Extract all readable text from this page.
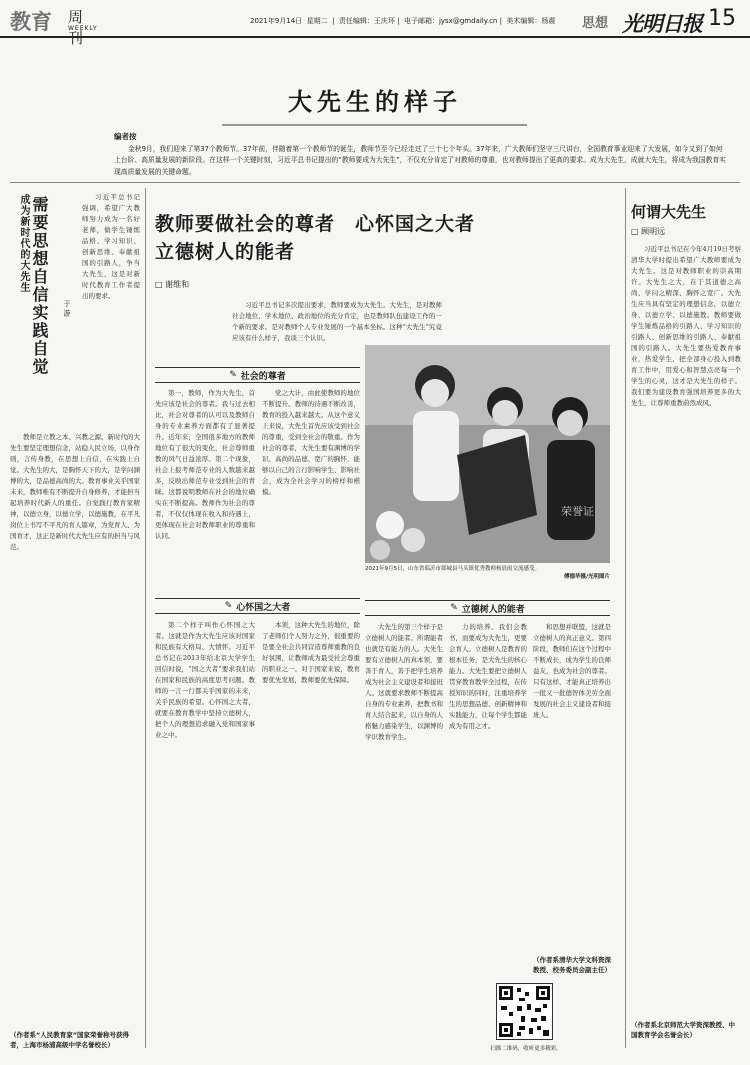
教育 周刊
WEEKLY
2021年9月14日 星期二  |  责任编辑：王庆环 |  电子邮箱：jysx@gmdaily.cn |  美术编辑：杨震 思想 光明日报 15
大先生的样子
编者按
金秋9月，我们迎来了第37个教师节。37年前，伴随着第一个教师节的诞生，教师节至今已经走过了三十七个年头。37年来，广大教师们坚守三尺讲台，全国教育事业迎来了大发展，如今又到了如何上台阶、高质量发展的新阶段。在这样一个关键时刻，习近平总书记提出的“教师要成为大先生”，不仅充分肯定了对教师的尊重，也对教师提出了更高的要求。成为大先生，成就大先生，将成为我国教育实现高质量发展的关键命题。
成为新时代的大先生 需要思想自信实践自觉 于 游
习近平总书记强调，希望广大教师努力成为一名好老师，做学生锤炼品格、学习知识、创新思维、奉献祖国的引路人，争当大先生，这是对新时代教育工作者提出的要求。
教师是立教之本、兴教之源。新时代的大先生要坚定理想信念，站稳人民立场，以身作则，言传身教，在思想上自信，在实践上自觉。大先生的大，是胸怀天下的大，是学问渊博的大，是品德高尚的大。教育事业关乎国家未来，教师唯有不断提升自身修养，才能担当起培养时代新人的重任。自觉践行教育家精神，以德立身，以德立学，以德施教，在平凡岗位上书写不平凡的育人篇章，为党育人、为国育才，这正是新时代大先生应有的担当与风范。
（作者系“人民教育家”国家荣誉称号获得者，上海市杨浦高级中学名誉校长）
教师要做社会的尊者　心怀国之大者
立德树人的能者
□ 谢维和
习近平总书记多次提出要求，教师要成为大先生。大先生，是对教师社会地位、学术地位、政治地位的充分肯定，也是教师队伍建设工作的一个新的要求。是对教师个人专业发展的一个基本坐标。这种“大先生”究竟应该有什么样子，我谈三个认识。
✎ 社会的尊者
第一，教师，作为大先生，首先应该是社会的尊者。我与过去相比，社会对尊者的认可以及教师自身的专业素养方面都有了显著提升。近年来，全国很多地方的教师地位有了很大的变化，社会尊师重教的风气日益浓厚。第二个现象，社会上报考师范专业的人数越来越多，反映出师范专业受到社会的青睐。这都说明教师在社会的地位确实在不断提高。教师作为社会的尊者，不仅仅体现在收入和待遇上，更体现在社会对教师职业的尊重和认同。
党之大计，由此使教师的地位不断提升。教师的待遇不断改善，教育的投入越来越大。从这个意义上来说，大先生首先应该受到社会的尊重，受到全社会的敬重。作为社会的尊者，大先生要有渊博的学识、高尚的品德、宽广的胸怀，能够以自己的言行影响学生、影响社会，成为全社会学习的榜样和楷模。
✎ 心怀国之大者
第二个样子叫作心怀国之大者。这就是作为大先生应该对国家和民族有大格局、大情怀。习近平总书记在2013年给北京大学学生回信时说，“国之大者”要求我们站在国家和民族的高度思考问题。教师的一言一行都关乎国家的未来，关乎民族的希望。心怀国之大者，就要在教育教学中坚持立德树人，把个人的理想追求融入党和国家事业之中。
本领，这种大先生的地位，除了老师们个人努力之外，很重要的是要全社会共同营造尊师重教的良好氛围，让教师成为最受社会尊重的职业之一。对于国家来说，教育要优先发展，教师要优先保障。
荣誉证
2021年9月5日，山东省临沂市郯城县马头镇优秀教师杨晨雨交流感受。
傅德华摄/光明图片
✎ 立德树人的能者
大先生的第三个样子是立德树人的能者。所谓能者也就是有能力的人。大先生要有立德树人的真本领，要善于育人，善于把学生培养成为社会主义建设者和接班人。这就要求教师不断提高自身的专业素养，把教书和育人结合起来，以自身的人格魅力感染学生，以渊博的学识教育学生。
力的培养。我们会教书，而要成为大先生，更要会育人。立德树人是教育的根本任务，是大先生的核心能力。大先生要把立德树人贯穿教育教学全过程，在传授知识的同时，注重培养学生的思想品德、创新精神和实践能力，让每个学生都能成为有用之才。
和思想并联盟，这就是立德树人的真正意义。第四阶段，教师们在这个过程中不断成长，成为学生的良师益友，也成为社会的尊者。只有这样，才能真正培养出一批又一批德智体美劳全面发展的社会主义建设者和接班人。
（作者系清华大学文科资深教授、校务委员会副主任）
何谓大先生
□ 顾明远
习近平总书记在今年4月19日考察清华大学时提出希望广大教师要成为大先生。这是对教师职业的崇高期许。大先生之大，在于其道德之高尚、学问之精深、胸怀之宽广。大先生应当具有坚定的理想信念，以德立身、以德立学、以德施教。教师要做学生锤炼品格的引路人、学习知识的引路人、创新思维的引路人、奉献祖国的引路人。大先生要热爱教育事业，热爱学生，把全部身心投入到教育工作中，用爱心和智慧点亮每一个学生的心灵，这才是大先生的样子。我们要为建设教育强国培养更多的大先生，让尊师重教蔚然成风。
（作者系北京师范大学资深教授、中国教育学会名誉会长）
扫描二维码，收听更多精彩。
